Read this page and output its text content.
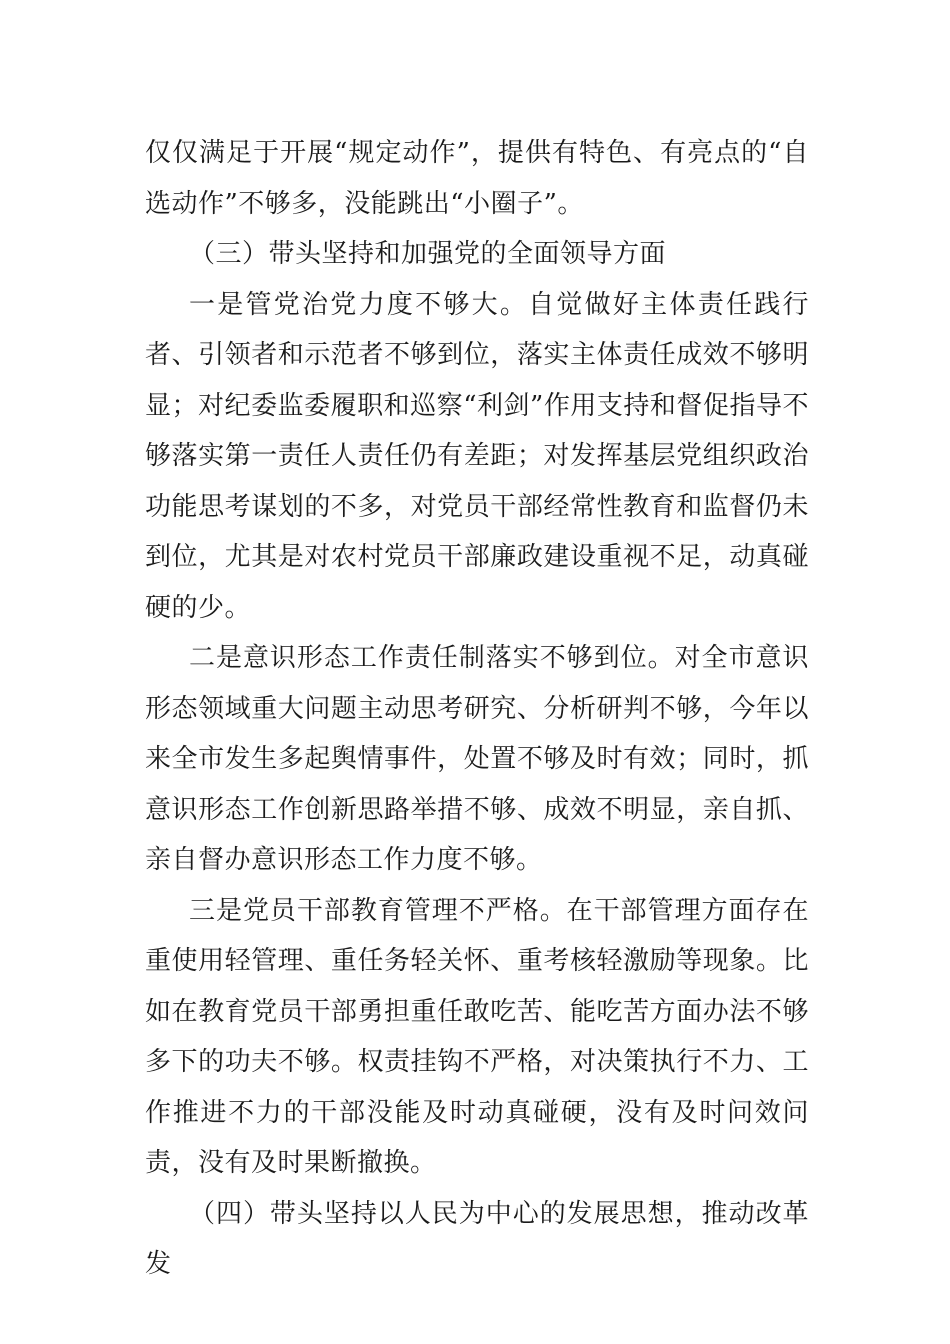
仅仅满足于开展“规定动作”，提供有特色、有亮点的“自选动作”不够多，没能跳出“小圈子”。

（三）带头坚持和加强党的全面领导方面

一是管党治党力度不够大。自觉做好主体责任践行者、引领者和示范者不够到位，落实主体责任成效不够明显；对纪委监委履职和巡察“利剑”作用支持和督促指导不够落实第一责任人责任仍有差距；对发挥基层党组织政治功能思考谋划的不多，对党员干部经常性教育和监督仍未到位，尤其是对农村党员干部廉政建设重视不足，动真碰硬的少。

二是意识形态工作责任制落实不够到位。对全市意识形态领域重大问题主动思考研究、分析研判不够，今年以来全市发生多起舆情事件，处置不够及时有效；同时，抓意识形态工作创新思路举措不够、成效不明显，亲自抓、亲自督办意识形态工作力度不够。

三是党员干部教育管理不严格。在干部管理方面存在重使用轻管理、重任务轻关怀、重考核轻激励等现象。比如在教育党员干部勇担重任敢吃苦、能吃苦方面办法不够多下的功夫不够。权责挂钩不严格，对决策执行不力、工作推进不力的干部没能及时动真碰硬，没有及时问效问责，没有及时果断撤换。

（四）带头坚持以人民为中心的发展思想，推动改革发
